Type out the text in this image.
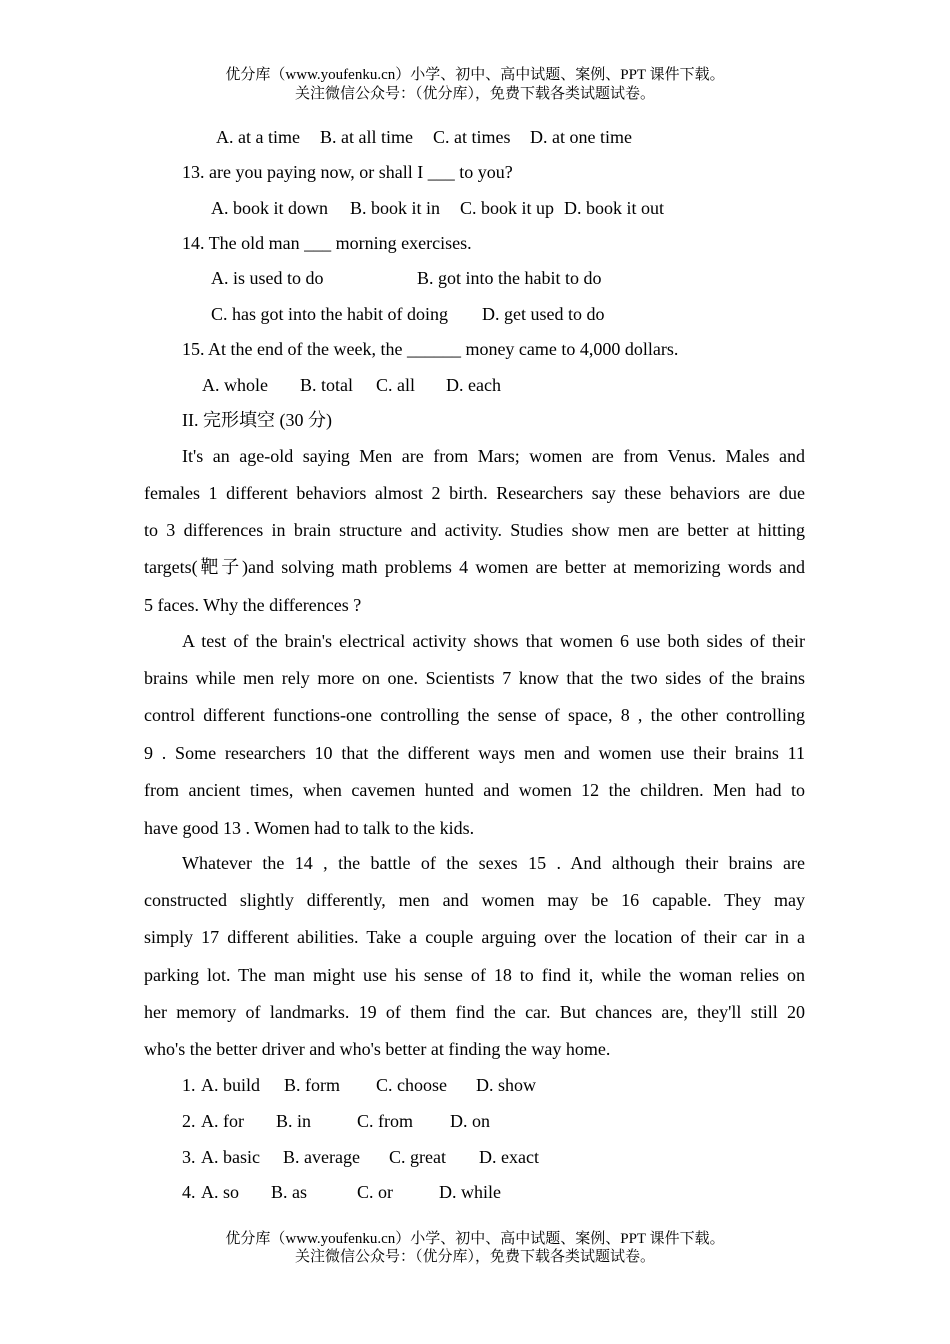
优分库（www.youfenku.cn）小学、初中、高中试题、案例、PPT 课件下载。
关注微信公众号：（优分库），免费下载各类试题试卷。
A. at a time B. at all time C. at times D. at one time
13. are you paying now, or shall I ___ to you?
A. book it down B. book it in C. book it up D. book it out
14. The old man ___ morning exercises.
A. is used to do	B. got into the habit to do
C. has got into the habit of doing D. get used to do
15. At the end of the week, the ______ money came to 4,000 dollars.
A. whole B. total C. all D. each
II. 完形填空 (30 分)
It's an age-old saying Men are from Mars; women are from Venus. Males and
females 1 different behaviors almost 2 birth. Researchers say these behaviors are due
to 3 differences in brain structure and activity. Studies show men are better at hitting
targets(靶子)and solving math problems 4 women are better at memorizing words and
5 faces. Why the differences ?
A test of the brain's electrical activity shows that women 6 use both sides of their
brains while men rely more on one. Scientists 7 know that the two sides of the brains
control different functions-one controlling the sense of space, 8 , the other controlling
9 . Some researchers 10 that the different ways men and women use their brains 11
from ancient times, when cavemen hunted and women 12 the children. Men had to
have good 13 . Women had to talk to the kids.
Whatever the 14 , the battle of the sexes 15 . And although their brains are
constructed slightly differently, men and women may be 16 capable. They may
simply 17 different abilities. Take a couple arguing over the location of their car in a
parking lot. The man might use his sense of 18 to find it, while the woman relies on
her memory of landmarks. 19 of them find the car. But chances are, they'll still 20
who's the better driver and who's better at finding the way home.
1. A. build B. form C. choose D. show
2. A. for B. in	C. from D. on
3. A. basic B. average C. great D. exact
4. A. so B. as	C. or	D. while
优分库（www.youfenku.cn）小学、初中、高中试题、案例、PPT 课件下载。
关注微信公众号：（优分库），免费下载各类试题试卷。
